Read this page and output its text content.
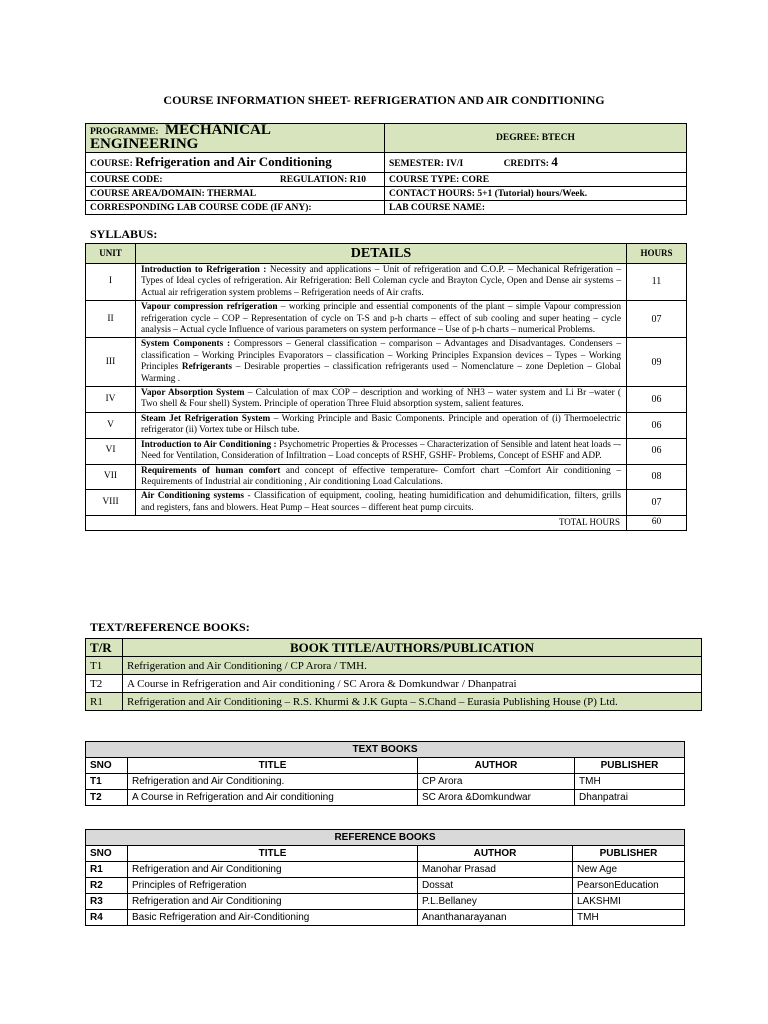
COURSE INFORMATION SHEET- REFRIGERATION AND AIR CONDITIONING
PROGRAMME: MECHANICAL ENGINEERING	DEGREE: BTECH
COURSE: Refrigeration and Air Conditioning	SEMESTER: IV/I CREDITS: 4
COURSE CODE: REGULATION: R10	COURSE TYPE: CORE
COURSE AREA/DOMAIN: THERMAL	CONTACT HOURS: 5+1 (Tutorial) hours/Week.
CORRESPONDING LAB COURSE CODE (IF ANY):	LAB COURSE NAME:
SYLLABUS:
UNIT	DETAILS	HOURS
I	Introduction to Refrigeration : Necessity and applications – Unit of refrigeration and C.O.P. – Mechanical Refrigeration – Types of Ideal cycles of refrigeration. Air Refrigeration: Bell Coleman cycle and Brayton Cycle, Open and Dense air systems – Actual air refrigeration system problems – Refrigeration needs of Air crafts.	11
II	Vapour compression refrigeration – working principle and essential components of the plant – simple Vapour compression refrigeration cycle – COP – Representation of cycle on T-S and p-h charts – effect of sub cooling and super heating – cycle analysis – Actual cycle Influence of various parameters on system performance – Use of p-h charts – numerical Problems.	07
III	System Components : Compressors – General classification – comparison – Advantages and Disadvantages. Condensers – classification – Working Principles Evaporators – classification – Working Principles Expansion devices – Types – Working Principles Refrigerants – Desirable properties – classification refrigerants used – Nomenclature – zone Depletion – Global Warming .	09
IV	Vapor Absorption System – Calculation of max COP – description and working of NH3 – water system and Li Br –water ( Two shell & Four shell) System. Principle of operation Three Fluid absorption system, salient features.	06
V	Steam Jet Refrigeration System – Working Principle and Basic Components. Principle and operation of (i) Thermoelectric refrigerator (ii) Vortex tube or Hilsch tube.	06
VI	Introduction to Air Conditioning : Psychometric Properties & Processes – Characterization of Sensible and latent heat loads –- Need for Ventilation, Consideration of Infiltration – Load concepts of RSHF, GSHF- Problems, Concept of ESHF and ADP.	06
VII	Requirements of human comfort and concept of effective temperature- Comfort chart –Comfort Air conditioning – Requirements of Industrial air conditioning , Air conditioning Load Calculations.	08
VIII	Air Conditioning systems - Classification of equipment, cooling, heating humidification and dehumidification, filters, grills and registers, fans and blowers. Heat Pump – Heat sources – different heat pump circuits.	07
TOTAL HOURS		60
TEXT/REFERENCE BOOKS:
T/R	BOOK TITLE/AUTHORS/PUBLICATION
T1	Refrigeration and Air Conditioning / CP Arora / TMH.
T2	A Course in Refrigeration and Air conditioning / SC Arora & Domkundwar / Dhanpatrai
R1	Refrigeration and Air Conditioning – R.S. Khurmi & J.K Gupta – S.Chand – Eurasia Publishing House (P) Ltd.
TEXT BOOKS			
SNO	TITLE	AUTHOR	PUBLISHER
T1	Refrigeration and Air Conditioning.	CP Arora	TMH
T2	A Course in Refrigeration and Air conditioning	SC Arora &Domkundwar	Dhanpatrai
REFERENCE BOOKS			
SNO	TITLE	AUTHOR	PUBLISHER
R1	Refrigeration and Air Conditioning	Manohar Prasad	New Age
R2	Principles of Refrigeration	Dossat	PearsonEducation
R3	Refrigeration and Air Conditioning	P.L.Bellaney	LAKSHMI
R4	Basic Refrigeration and Air-Conditioning	Ananthanarayanan	TMH
